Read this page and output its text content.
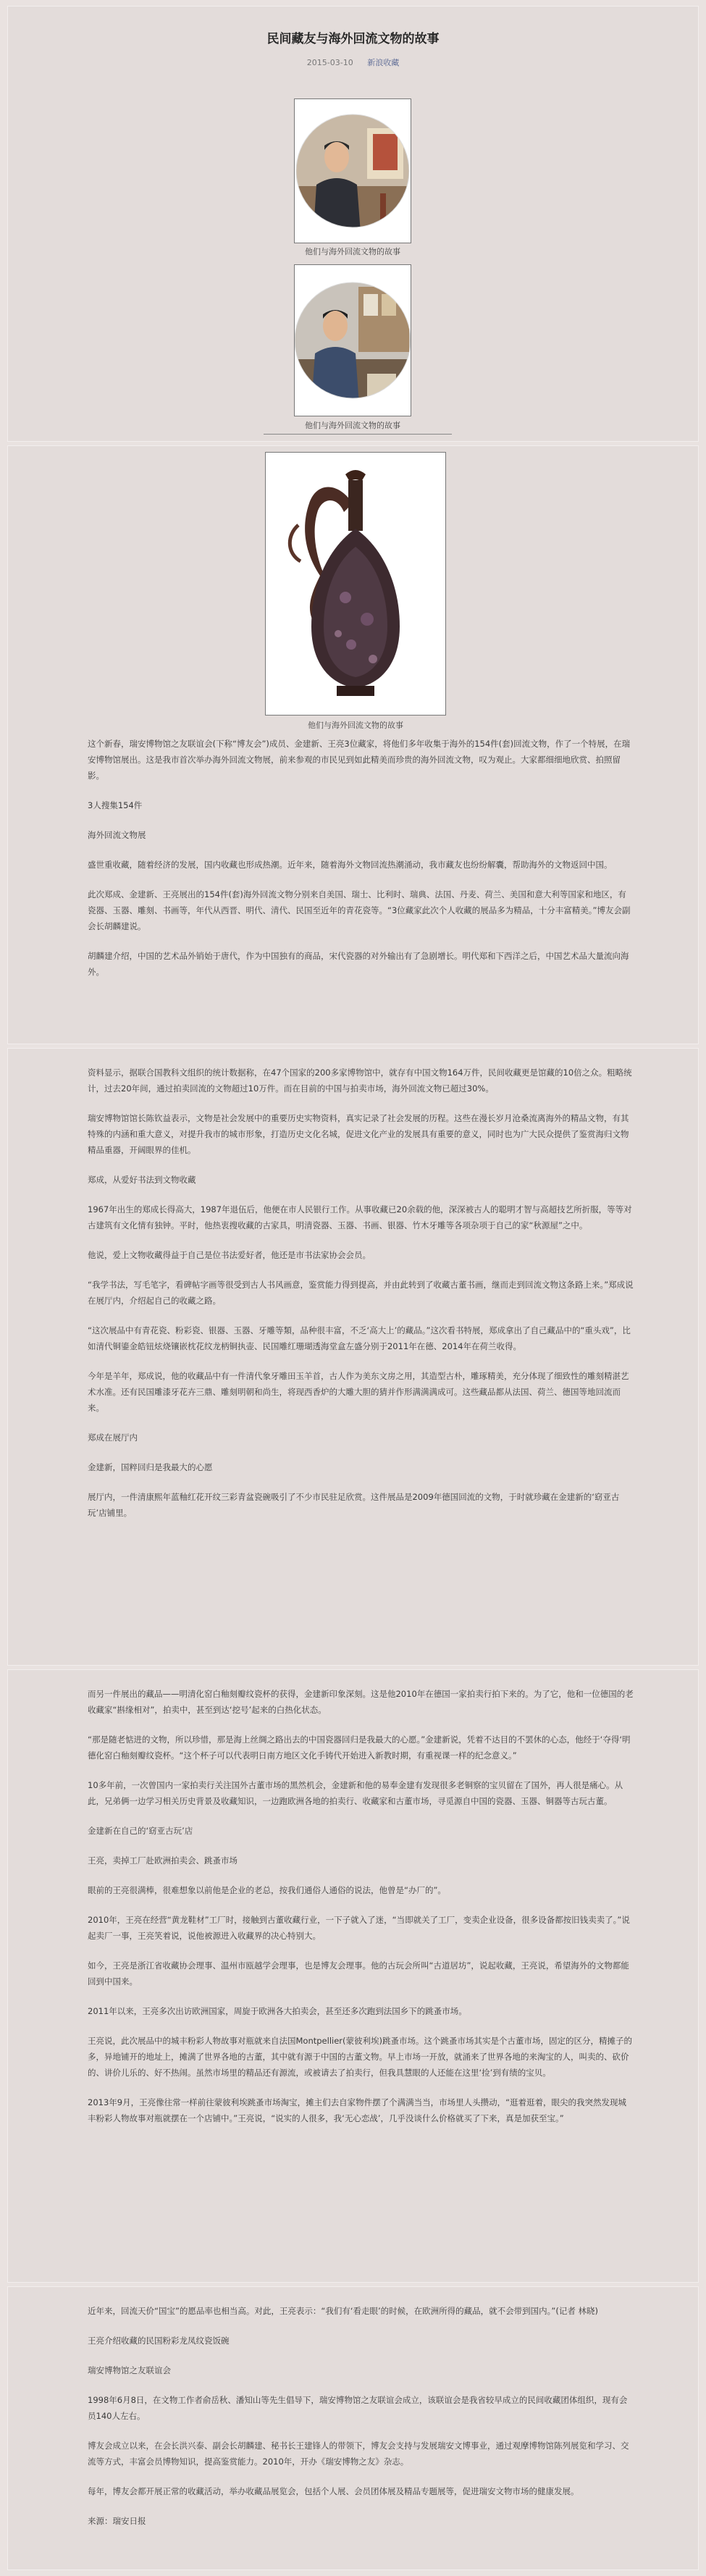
民间藏友与海外回流文物的故事
2015-03-10 新浪收藏
他们与海外回流文物的故事
他们与海外回流文物的故事
他们与海外回流文物的故事

这个新春，瑞安博物馆之友联谊会(下称“博友会”)成员、金建新、王亮3位藏家，将他们多年收集于海外的154件(套)回流文物，作了一个特展，在瑞安博物馆展出。这是我市首次举办海外回流文物展，前来参观的市民见到如此精美而珍贵的海外回流文物，叹为观止。大家都细细地欣赏、拍照留影。

3人搜集154件

海外回流文物展

盛世重收藏，随着经济的发展，国内收藏也形成热潮。近年来，随着海外文物回流热潮涌动，我市藏友也纷纷解囊，帮助海外的文物返回中国。

此次郑成、金建新、王亮展出的154件(套)海外回流文物分别来自美国、瑞士、比利时、瑞典、法国、丹麦、荷兰、美国和意大利等国家和地区，有瓷器、玉器、雕刻、书画等，年代从西晋、明代、清代、民国至近年的青花瓷等。“3位藏家此次个人收藏的展品多为精品，十分丰富精美。”博友会副会长胡麟建说。

胡麟建介绍，中国的艺术品外销始于唐代，作为中国独有的商品，宋代瓷器的对外输出有了急剧增长。明代郑和下西洋之后，中国艺术品大量流向海外。

资料显示，据联合国教科文组织的统计数据称，在47个国家的200多家博物馆中，就存有中国文物164万件，民间收藏更是馆藏的10倍之众。粗略统计，过去20年间，通过拍卖回流的文物超过10万件。而在目前的中国与拍卖市场，海外回流文物已超过30%。

瑞安博物馆馆长陈钦益表示，文物是社会发展中的重要历史实物资料，真实记录了社会发展的历程。这些在漫长岁月沧桑流离海外的精品文物，有其特殊的内涵和重大意义，对提升我市的城市形象，打造历史文化名城，促进文化产业的发展具有重要的意义，同时也为广大民众提供了鉴赏海归文物精品重器，开阔眼界的佳机。

郑成，从爱好书法到文物收藏

1967年出生的郑成长得高大，1987年退伍后，他便在市人民银行工作。从事收藏已20余载的他，深深被古人的聪明才智与高超技艺所折服，等等对古建筑有文化情有独钟。平时，他热衷搜收藏的古家具，明清瓷器、玉器、书画、银器、竹木牙雕等各项杂项于自己的家“秋源屋”之中。

他说，爱上文物收藏得益于自己是位书法爱好者，他还是市书法家协会会员。

“我学书法，写毛笔字，看碑帖字画等很受到古人书风画意，鉴赏能力得到提高，并由此转到了收藏古董书画，继而走到回流文物这条路上来。”郑成说在展厅内，介绍起自己的收藏之路。

“这次展品中有青花瓷、粉彩瓷、银器、玉器、牙雕等類，品种很丰富，不乏‘高大上’的藏品。”这次看书特展，郑成拿出了自己藏品中的“重头戏”，比如清代铜鎏金皓钮炫烧镶嵌枕花纹龙柄铜执壶、民国雕红珊瑚透海堂盒左盛分别于2011年在德、2014年在荷兰收得。

今年是羊年，郑成说，他的收藏品中有一件清代象牙雕田玉羊首，古人作为美东文房之用，其造型古朴，雕琢精美，充分体现了细致性的雕刻精湛艺术水准。还有民国雕漆牙花卉三鼎、雕刻明朝和尚生，将现西香炉的大雕大胆的猜并作形满满满成可。这些藏品都从法国、荷兰、德国等地回流而来。

郑成在展厅内

金建新，国粹回归是我最大的心愿

展厅内，一件清康熙年蓝釉红花开纹三彩青盆瓷碗吸引了不少市民驻足欣赏。这件展品是2009年德国回流的文物，于时就珍藏在金建新的‘窈亚古玩’店铺里。

而另一件展出的藏品——明清化窑白釉刻瓣纹瓷杯的获得，金建新印象深刻。这是他2010年在德国一家拍卖行拍下来的。为了它，他和一位德国的老收藏家“斟缘相对”，拍卖中，甚至到达‘挖号’起来的白热化状态。

“那是随老惦进的文物，所以珍惜，那是海上丝绸之路出去的中国瓷器回归是我最大的心愿。”金建新说，凭着不达目的不罢休的心态，他经于‘夺得‘明德化窑白釉刻瓣纹瓷杯。“这个杯子可以代表明日南方地区文化手铸代开始进入新教时期，有重视课一样的纪念意义。”

10多年前，一次曾国内一家拍卖行关注国外古董市场的黑然机会，金建新和他的易奉金建有发现很多老铜察的宝贝留在了国外，再人很是痛心。从此，兄弟俩一边学习相关历史背景及收藏知识，一边跑欧洲各地的拍卖行、收藏家和古董市场，寻觅源自中国的瓷器、玉器、铜器等古玩古董。

金建新在自己的‘窈亚古玩’店

王亮，卖掉工厂赴欧洲拍卖会、跳蚤市场

眼前的王亮很满棒，很难想象以前他是企业的老总，按我们通俗人通俗的说法，他曾是“办厂的”。

2010年，王亮在经营“黄龙鞋材”工厂时，接触到古董收藏行业，一下子就入了迷，“当即就关了工厂，变卖企业设备，很多设备都按旧钱卖卖了。”说起卖厂一事，王亮笑着说，说他被源进入收藏界的决心特别大。

如今，王亮是浙江省收藏协会理事、温州市瓯越学会理事，也是博友会理事。他的古玩会所叫“古道居坊”，说起收藏，王亮说，希望海外的文物都能回到中国来。

2011年以来，王亮多次出访欧洲国家，周旋于欧洲各大拍卖会，甚至还多次跑到法国乡下的跳蚤市场。

王亮说，此次展品中的城丰粉彩人物故事对瓶就来自法国Montpellier(蒙彼利埃)跳蚤市场。这个跳蚤市场其实是个古董市场，固定的区分，精摊子的多，异地铺开的地址上，摊满了世界各地的古董，其中就有源于中国的古董文物。早上市场一开放，就涌来了世界各地的来淘宝的人，叫卖的、砍价的、讲价儿乐的、好不热闹。虽然市场里的精品还有源流，或被请去了拍卖行，但我具慧眼的人还能在这里‘捡’到有绩的宝贝。

2013年9月，王亮像往常一样前往蒙彼利埃跳蚤市场淘宝，摊主们去自家物件摆了个满满当当，市场里人头攒动，“逛着逛着，眼尖的我突然发现城丰粉彩人物故事对瓶就摆在一个店铺中。”王亮说，“说实的人很多，我‘无心恋战’，几乎没谈什么价格就买了下来，真是加获至宝。”

近年来，回流天价“国宝”的愿品率也相当高。对此，王亮表示：“我们有‘看走眼’的时候，在欧洲所得的藏品，就不会带到国内。”(记者 林晓)

王亮介绍收藏的民国粉彩龙凤纹瓷饭碗

瑞安博物馆之友联谊会

1998年6月8日，在文物工作者俞岳秋、潘知山等先生倡导下，瑞安博物馆之友联谊会成立，该联谊会是我省较早成立的民间收藏团体组织，现有会员140人左右。

博友会成立以来，在会长洪兴泰、副会长胡麟建、秘书长王建锋人的带领下，博友会支持与发展瑞安文博事业，通过观摩博物馆陈列展览和学习、交流等方式，丰富会员博物知识，提高鉴赏能力。2010年，开办《瑞安博物之友》杂志。

每年，博友会都开展正常的收藏活动，举办收藏品展览会，包括个人展、会员团体展及精品专题展等，促进瑞安文物市场的健康发展。

来源：瑞安日报
